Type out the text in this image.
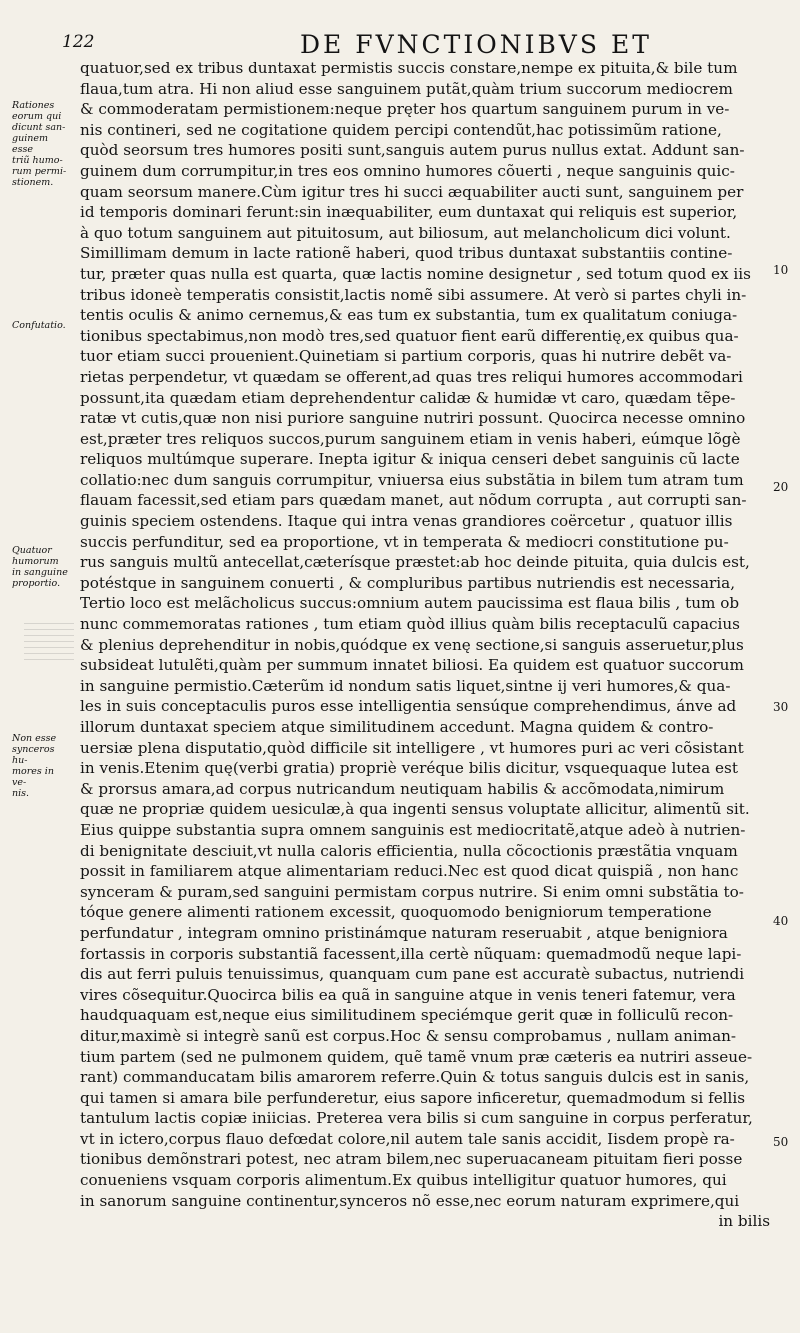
122	DE FVNCTIONIBVS ET
Rationes
eorum qui
dicunt san-
guinem esse
triũ humo-
rum permi-
stionem.
Confutatio.
Quatuor
humorum
in sanguine
proportio.
Non esse
synceros hu-
mores in ve-
nis.
quatuor,sed ex tribus duntaxat permistis succis constare,nempe ex pituita,& bile tum
flaua,tum atra. Hi non aliud esse sanguinem putãt,quàm trium succorum mediocrem
& commoderatam permistionem:neque pręter hos quartum sanguinem purum in ve-
nis contineri, sed ne cogitatione quidem percipi contendũt,hac potissimũm ratione,
quòd seorsum tres humores positi sunt,sanguis autem purus nullus extat. Addunt san-
guinem dum corrumpitur,in tres eos omnino humores cõuerti , neque sanguinis quic-
quam seorsum manere.Cùm igitur tres hi succi æquabiliter aucti sunt, sanguinem per
id temporis dominari ferunt:sin inæquabiliter, eum duntaxat qui reliquis est superior,
à quo totum sanguinem aut pituitosum, aut biliosum, aut melancholicum dici volunt.
Simillimam demum in lacte rationẽ haberi, quod tribus duntaxat substantiis contine-
tur, præter quas nulla est quarta, quæ lactis nomine designetur , sed totum quod ex iis
tribus idoneè temperatis consistit,lactis nomẽ sibi assumere. At verò si partes chyli in-
tentis oculis & animo cernemus,& eas tum ex substantia, tum ex qualitatum coniuga-
tionibus spectabimus,non modò tres,sed quatuor fient earũ differentię,ex quibus qua-
tuor etiam succi prouenient.Quinetiam si partium corporis, quas hi nutrire debẽt va-
rietas perpendetur, vt quædam se offerent,ad quas tres reliqui humores accommodari
possunt,ita quædam etiam deprehendentur calidæ & humidæ vt caro, quædam tẽpe-
ratæ vt cutis,quæ non nisi puriore sanguine nutriri possunt. Quocirca necesse omnino
est,præter tres reliquos succos,purum sanguinem etiam in venis haberi, eúmque lõgè
reliquos multúmque superare. Inepta igitur & iniqua censeri debet sanguinis cũ lacte
collatio:nec dum sanguis corrumpitur, vniuersa eius substãtia in bilem tum atram tum
flauam facessit,sed etiam pars quædam manet, aut nõdum corrupta , aut corrupti san-
guinis speciem ostendens. Itaque qui intra venas grandiores coërcetur , quatuor illis
succis perfunditur, sed ea proportione, vt in temperata & mediocri constitutione pu-
rus sanguis multũ antecellat,cæterísque præstet:ab hoc deinde pituita, quia dulcis est,
potéstque in sanguinem conuerti , & compluribus partibus nutriendis est necessaria,
Tertio loco est melãcholicus succus:omnium autem paucissima est flaua bilis , tum ob
nunc commemoratas rationes , tum etiam quòd illius quàm bilis receptaculũ capacius
& plenius deprehenditur in nobis,quódque ex venę sectione,si sanguis asseruetur,plus
subsideat lutulẽti,quàm per summum innatet biliosi. Ea quidem est quatuor succorum
in sanguine permistio.Cæterũm id nondum satis liquet,sintne ij veri humores,& qua-
les in suis conceptaculis puros esse intelligentia sensúque comprehendimus, ánve ad
illorum duntaxat speciem atque similitudinem accedunt. Magna quidem & contro-
uersiæ plena disputatio,quòd difficile sit intelligere , vt humores puri ac veri cõsistant
in venis.Etenim quę(verbi gratia) propriè veréque bilis dicitur, vsquequaque lutea est
& prorsus amara,ad corpus nutricandum neutiquam habilis & accõmodata,nimirum
quæ ne propriæ quidem uesiculæ,à qua ingenti sensus voluptate allicitur, alimentũ sit.
Eius quippe substantia supra omnem sanguinis est mediocritatẽ,atque adeò à nutrien-
di benignitate desciuit,vt nulla caloris efficientia, nulla cõcoctionis præstãtia vnquam
possit in familiarem atque alimentariam reduci.Nec est quod dicat quispiã , non hanc
synceram & puram,sed sanguini permistam corpus nutrire. Si enim omni substãtia to-
tóque genere alimenti rationem excessit, quoquomodo benigniorum temperatione
perfundatur , integram omnino pristinámque naturam reseruabit , atque benigniora
fortassis in corporis substantiã facessent,illa certè nũquam: quemadmodũ neque lapi-
dis aut ferri puluis tenuissimus, quanquam cum pane est accuratè subactus, nutriendi
vires cõsequitur.Quocirca bilis ea quã in sanguine atque in venis teneri fatemur, vera
haudquaquam est,neque eius similitudinem speciémque gerit quæ in folliculũ recon-
ditur,maximè si integrè sanũ est corpus.Hoc & sensu comprobamus , nullam animan-
tium partem (sed ne pulmonem quidem, quẽ tamẽ vnum præ cæteris ea nutriri asseue-
rant) commanducatam bilis amarorem referre.Quin & totus sanguis dulcis est in sanis,
qui tamen si amara bile perfunderetur, eius sapore inficeretur, quemadmodum si fellis
tantulum lactis copiæ iniicias. Preterea vera bilis si cum sanguine in corpus perferatur,
vt in ictero,corpus flauo defœdat colore,nil autem tale sanis accidit, Iisdem propè ra-
tionibus demõnstrari potest, nec atram bilem,nec superuacaneam pituitam fieri posse
conueniens vsquam corporis alimentum.Ex quibus intelligitur quatuor humores, qui
in sanorum sanguine continentur,synceros nõ esse,nec eorum naturam exprimere,qui
in bilis
10
20
30
40
50
